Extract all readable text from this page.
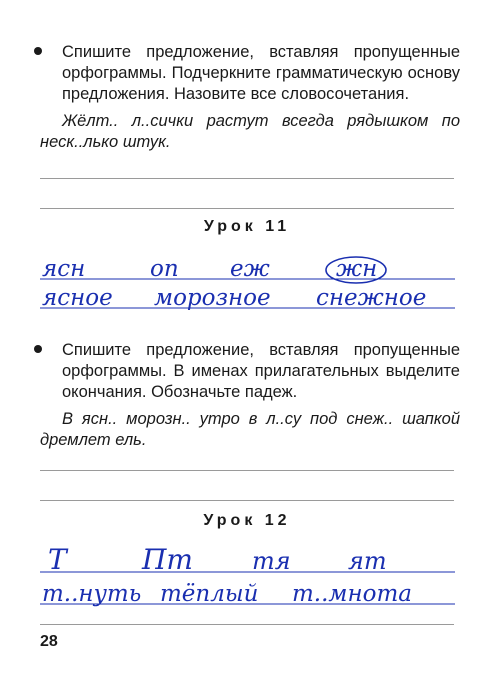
Спишите предложение, вставляя пропущенные орфограммы. Подчеркните грамматическую основу предложения. Назовите все словосочетания.

Жёлт.. л..сички растут всегда рядышком по неск..лько штук.

Урок 11
ясн	оп еж	жн
ясное морозное снежное

Спишите предложение, вставляя пропущенные орфограммы. В именах прилагательных выделите окончания. Обозначьте падеж.

В ясн.. морозн.. утро в л..су под снеж.. шапкой дремлет ель.

Урок 12
Т	Пт тя ят
т..нуть тёплый т..мнота
28
